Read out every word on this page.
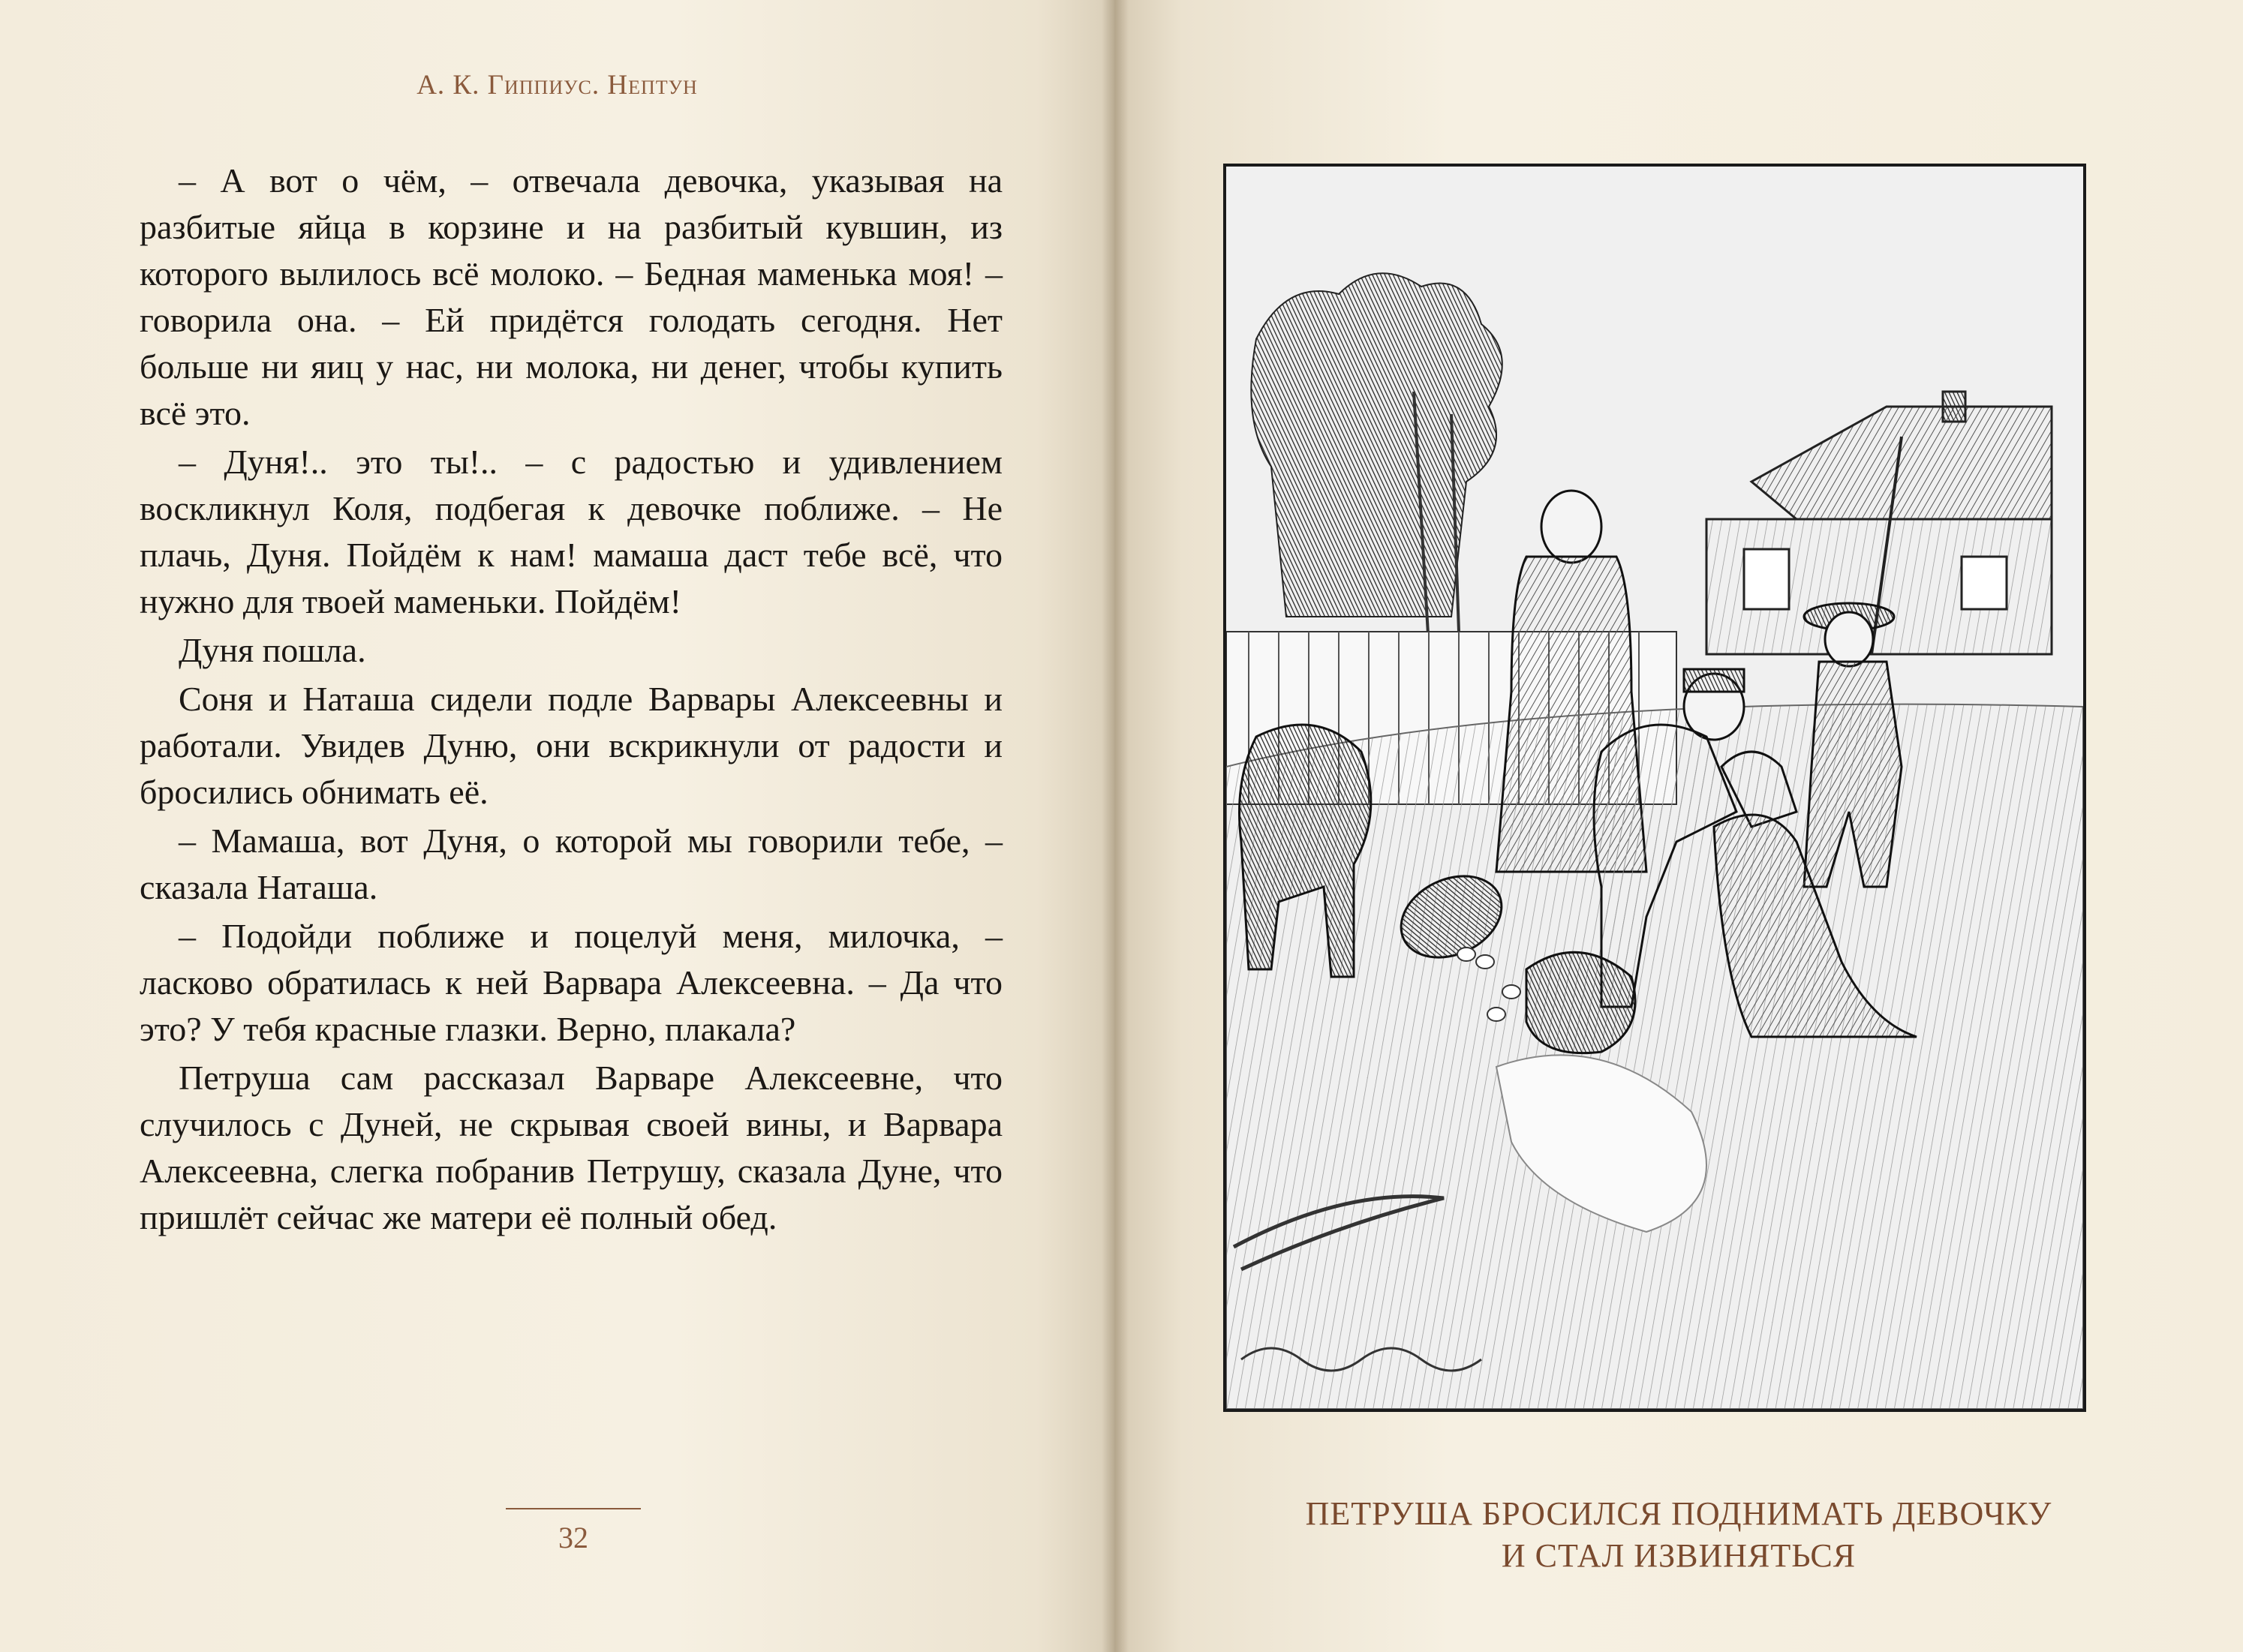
А. К. Гиппиус. Нептун

– А вот о чём, – отвечала девочка, указывая на разбитые яйца в корзине и на разбитый кувшин, из которого вылилось всё молоко. – Бедная маменька моя! – говорила она. – Ей придётся голодать сегодня. Нет больше ни яиц у нас, ни молока, ни денег, чтобы купить всё это.

– Дуня!.. это ты!.. – с радостью и удивлением воскликнул Коля, подбегая к девочке поближе. – Не плачь, Дуня. Пойдём к нам! мамаша даст тебе всё, что нужно для твоей маменьки. Пойдём!

Дуня пошла.

Соня и Наташа сидели подле Варвары Алексеевны и работали. Увидев Дуню, они вскрикнули от радости и бросились обнимать её.

– Мамаша, вот Дуня, о которой мы говорили тебе, – сказала Наташа.

– Подойди поближе и поцелуй меня, милочка, – ласково обратилась к ней Варвара Алексеевна. – Да что это? У тебя красные глазки. Верно, плакала?

Петруша сам рассказал Варваре Алексеевне, что случилось с Дуней, не скрывая своей вины, и Варвара Алексеевна, слегка побранив Петрушу, сказала Дуне, что пришлёт сейчас же матери её полный обед.

32
ПЕТРУША БРОСИЛСЯ ПОДНИМАТЬ ДЕВОЧКУ
И СТАЛ ИЗВИНЯТЬСЯ
